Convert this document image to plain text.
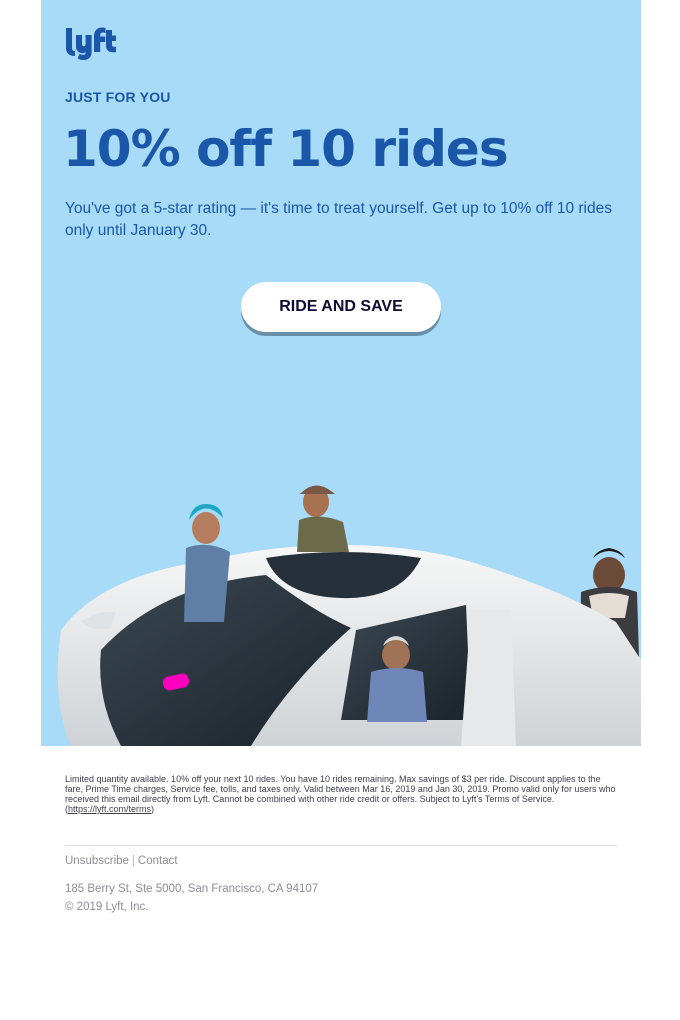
JUST FOR YOU
10% off 10 rides
You've got a 5-star rating — it's time to treat yourself. Get up to 10% off 10 rides only until January 30.
RIDE AND SAVE

Limited quantity available. 10% off your next 10 rides. You have 10 rides remaining. Max savings of $3 per ride. Discount applies to the fare, Prime Time charges, Service fee, tolls, and taxes only. Valid between Mar 16, 2019 and Jan 30, 2019. Promo valid only for users who received this email directly from Lyft. Cannot be combined with other ride credit or offers. Subject to Lyft's Terms of Service. (https://lyft.com/terms)

Unsubscribe | Contact
185 Berry St, Ste 5000, San Francisco, CA 94107
© 2019 Lyft, Inc.
